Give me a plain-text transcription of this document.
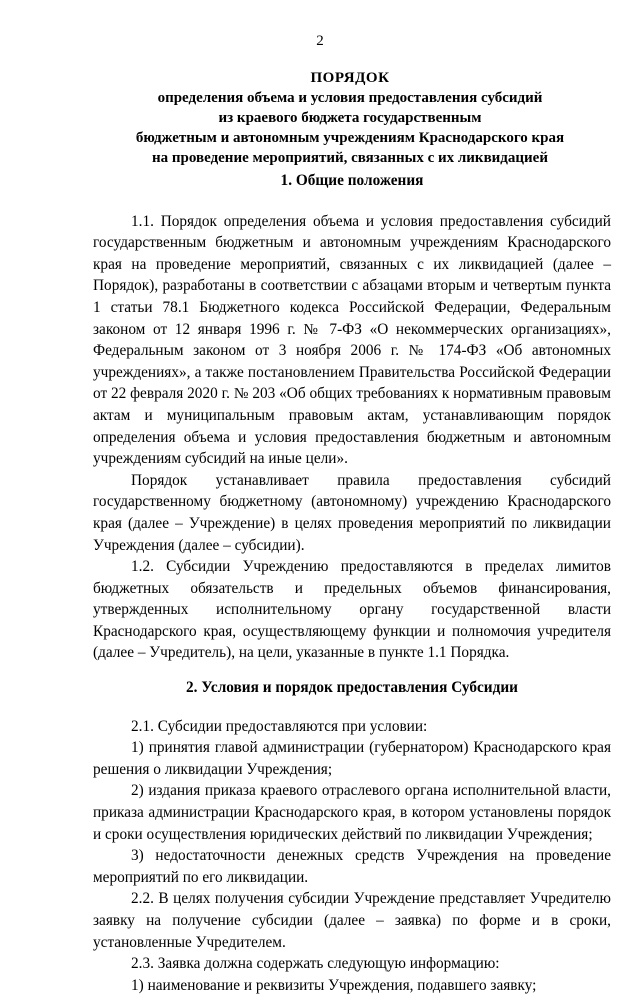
2
ПОРЯДОК
определения объема и условия предоставления субсидий
из краевого бюджета государственным
бюджетным и автономным учреждениям Краснодарского края
на проведение мероприятий, связанных с их ликвидацией

1. Общие положения

1.1. Порядок определения объема и условия предоставления субсидий государственным бюджетным и автономным учреждениям Краснодарского края на проведение мероприятий, связанных с их ликвидацией (далее – Порядок), разработаны в соответствии с абзацами вторым и четвертым пункта 1 статьи 78.1 Бюджетного кодекса Российской Федерации, Федеральным законом от 12 января 1996 г. № 7-ФЗ «О некоммерческих организациях», Федеральным законом от 3 ноября 2006 г. № 174-ФЗ «Об автономных учреждениях», а также постановлением Правительства Российской Федерации от 22 февраля 2020 г. № 203 «Об общих требованиях к нормативным правовым актам и муниципальным правовым актам, устанавливающим порядок определения объема и условия предоставления бюджетным и автономным учреждениям субсидий на иные цели».

Порядок устанавливает правила предоставления субсидий государственному бюджетному (автономному) учреждению Краснодарского края (далее – Учреждение) в целях проведения мероприятий по ликвидации Учреждения (далее – субсидии).

1.2. Субсидии Учреждению предоставляются в пределах лимитов бюджетных обязательств и предельных объемов финансирования, утвержденных исполнительному органу государственной власти Краснодарского края, осуществляющему функции и полномочия учредителя (далее – Учредитель), на цели, указанные в пункте 1.1 Порядка.

2. Условия и порядок предоставления Субсидии

2.1. Субсидии предоставляются при условии:

1) принятия главой администрации (губернатором) Краснодарского края решения о ликвидации Учреждения;

2) издания приказа краевого отраслевого органа исполнительной власти, приказа администрации Краснодарского края, в котором установлены порядок и сроки осуществления юридических действий по ликвидации Учреждения;

3) недостаточности денежных средств Учреждения на проведение мероприятий по его ликвидации.

2.2. В целях получения субсидии Учреждение представляет Учредителю заявку на получение субсидии (далее – заявка) по форме и в сроки, установленные Учредителем.

2.3. Заявка должна содержать следующую информацию:

1) наименование и реквизиты Учреждения, подавшего заявку;
